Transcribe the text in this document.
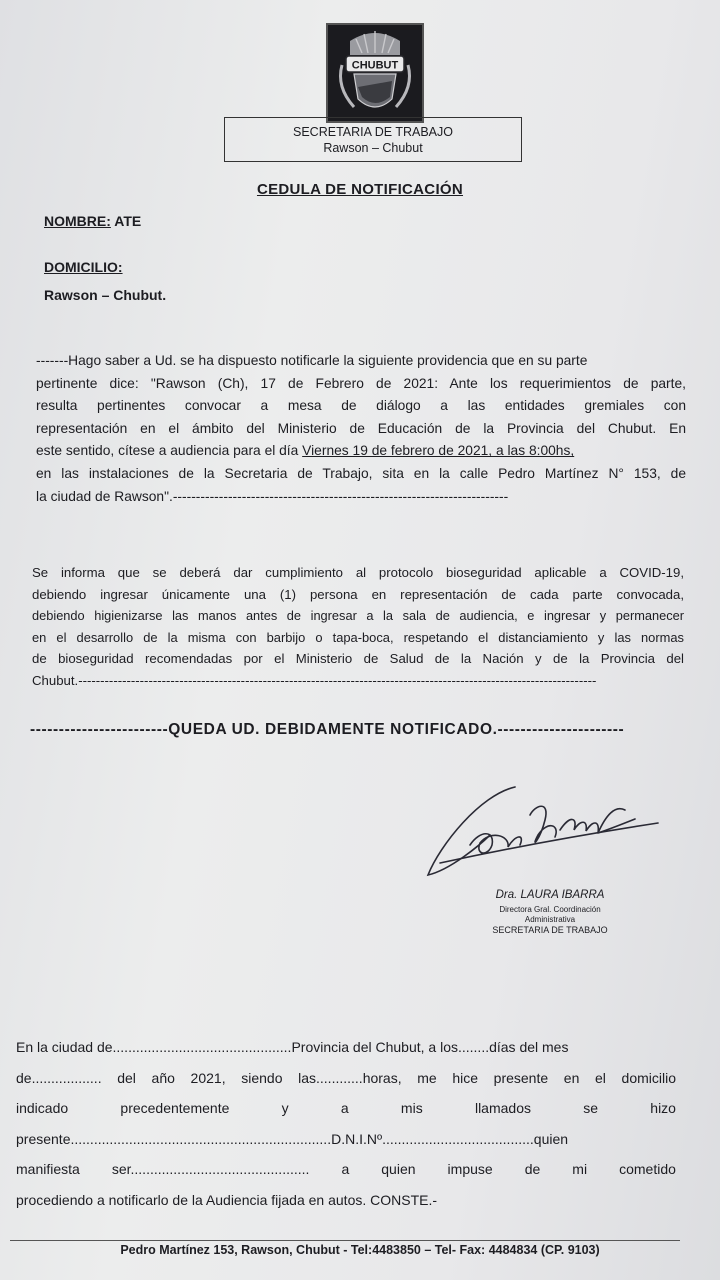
CHUBUT
SECRETARIA DE TRABAJO
Rawson – Chubut
CEDULA DE NOTIFICACIÓN
NOMBRE: ATE
DOMICILIO:
Rawson – Chubut.
-------Hago saber a Ud. se ha dispuesto notificarle la siguiente providencia que en su parte
pertinente dice: "Rawson (Ch), 17 de Febrero de 2021: Ante los requerimientos de parte,
resulta pertinentes convocar a mesa de diálogo a las entidades gremiales con
representación en el ámbito del Ministerio de Educación de la Provincia del Chubut. En
este sentido, cítese a audiencia para el día Viernes 19 de febrero de 2021, a las 8:00hs,
en las instalaciones de la Secretaria de Trabajo, sita en la calle Pedro Martínez N° 153, de
la ciudad de Rawson".-------------------------------------------------------------------------
Se informa que se deberá dar cumplimiento al protocolo bioseguridad aplicable a COVID-19,
debiendo ingresar únicamente una (1) persona en representación de cada parte convocada,
debiendo higienizarse las manos antes de ingresar a la sala de audiencia, e ingresar y permanecer
en el desarrollo de la misma con barbijo o tapa-boca, respetando el distanciamiento y las normas
de bioseguridad recomendadas por el Ministerio de Salud de la Nación y de la Provincia del
Chubut.----------------------------------------------------------------------------------------------------------------------
------------------------QUEDA UD. DEBIDAMENTE NOTIFICADO.----------------------
Dra. LAURA IBARRA
Directora Gral. Coordinación
Administrativa
SECRETARIA DE TRABAJO
En la ciudad de..............................................Provincia del Chubut, a los........días del mes
de.................. del año 2021, siendo las............horas, me hice presente en el domicilio
indicado	precedentemente	y	a	mis	llamados	se	hizo
presente...................................................................D.N.I.Nº.......................................quien
manifiesta ser.............................................. a quien impuse de mi cometido
procediendo a notificarlo de la Audiencia fijada en autos. CONSTE.-
Pedro Martínez 153, Rawson, Chubut - Tel:4483850 – Tel- Fax: 4484834 (CP. 9103)
